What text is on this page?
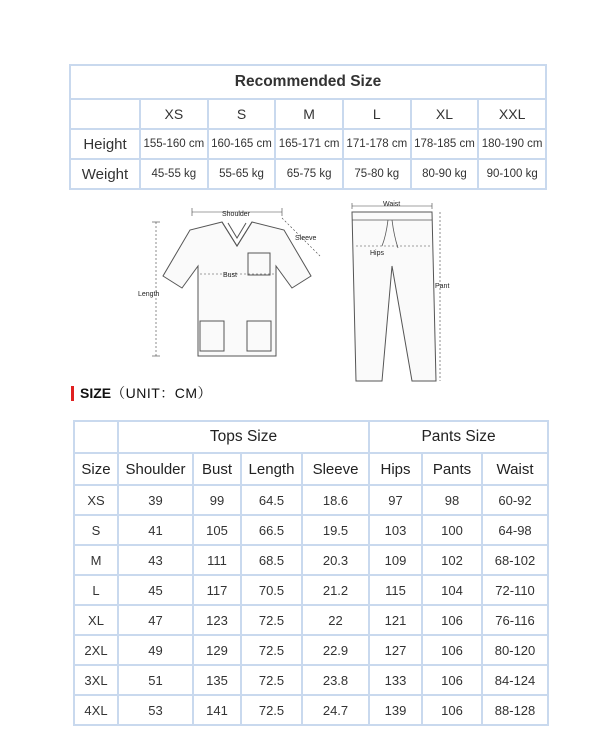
Recommended Size						
	XS	S	M	L	XL	XXL
Height	155-160 cm	160-165 cm	165-171 cm	171-178 cm	178-185 cm	180-190 cm
Weight	45-55 kg	55-65 kg	65-75 kg	75-80 kg	80-90 kg	90-100 kg
Shoulder
Sleeve
Bust
Length
Waist
Hips
Pant
SIZE （UNIT：CM）
	Tops Size				Pants Size		
Size	Shoulder	Bust	Length	Sleeve	Hips	Pants	Waist
XS	39	99	64.5	18.6	97	98	60-92
S	41	105	66.5	19.5	103	100	64-98
M	43	111	68.5	20.3	109	102	68-102
L	45	117	70.5	21.2	115	104	72-110
XL	47	123	72.5	22	121	106	76-116
2XL	49	129	72.5	22.9	127	106	80-120
3XL	51	135	72.5	23.8	133	106	84-124
4XL	53	141	72.5	24.7	139	106	88-128
